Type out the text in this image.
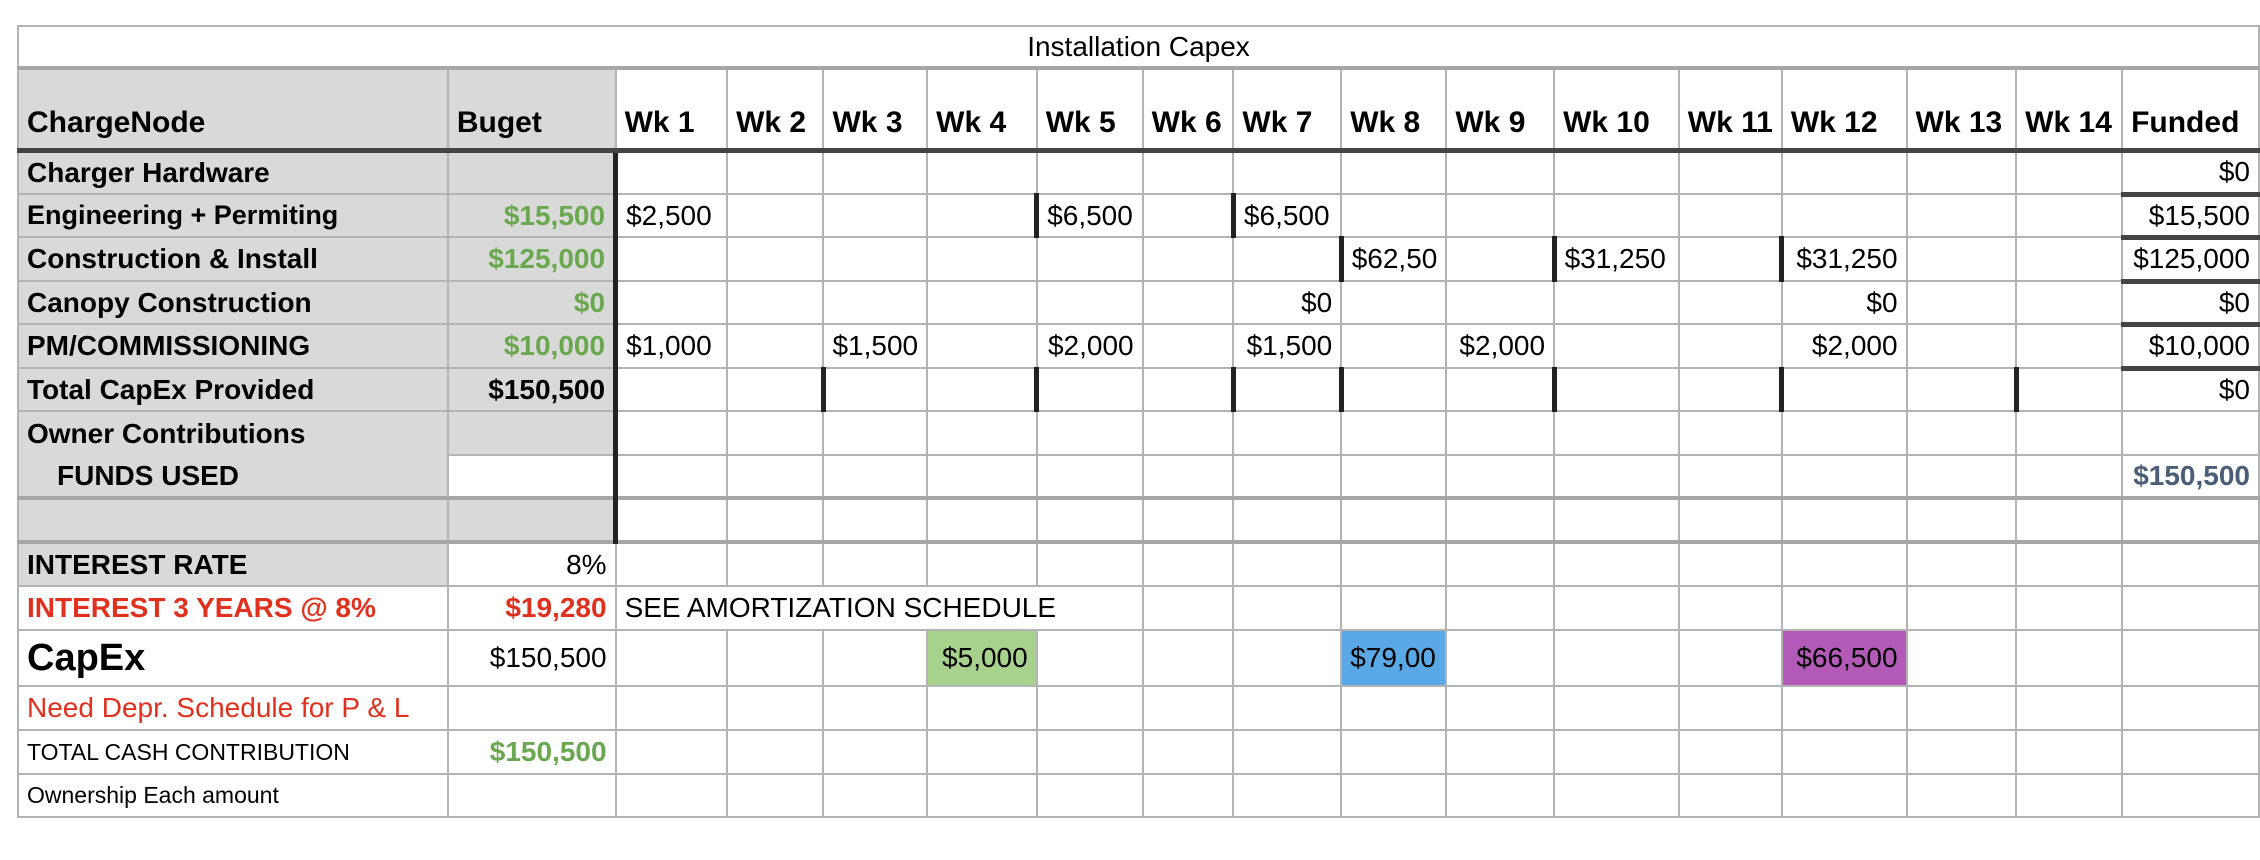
Installation Capex																
ChargeNode	Buget	Wk 1	Wk 2	Wk 3	Wk 4	Wk 5	Wk 6	Wk 7	Wk 8	Wk 9	Wk 10	Wk 11	Wk 12	Wk 13	Wk 14	Funded
Charger Hardware																$0
Engineering + Permiting	$15,500	$2,500				$6,500		$6,500								$15,500
Construction & Install	$125,000								$62,50		$31,250		$31,250			$125,000
Canopy Construction	$0							$0					$0			$0
PM/COMMISSIONING	$10,000	$1,000		$1,500		$2,000		$1,500		$2,000			$2,000			$10,000
Total CapEx Provided	$150,500															$0
Owner Contributions																
FUNDS USED																$150,500

INTEREST RATE	8%															
INTEREST 3 YEARS @ 8%	$19,280	SEE AMORTIZATION SCHEDULE														
CapEx	$150,500				$5,000				$79,00				$66,500			
Need Depr. Schedule for P & L																
TOTAL CASH CONTRIBUTION	$150,500															
Ownership Each amount																
